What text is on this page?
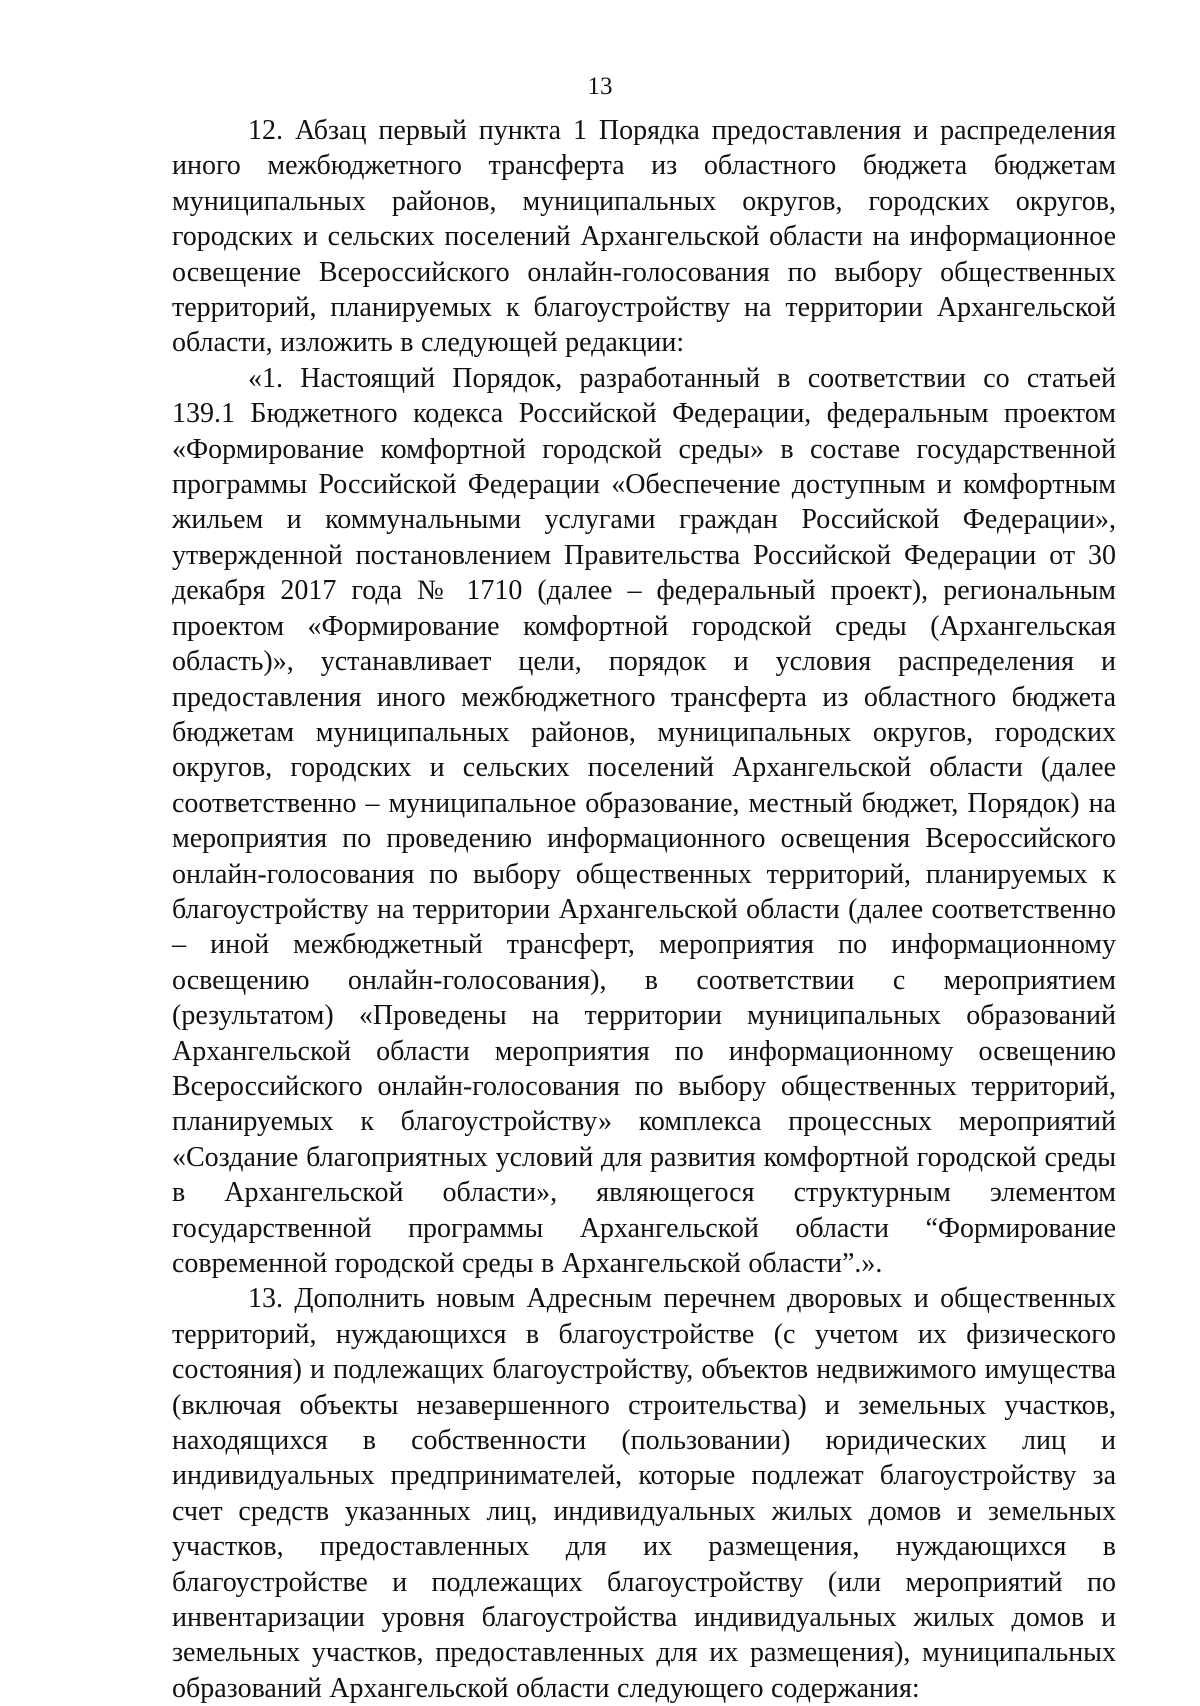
13

12. Абзац первый пункта 1 Порядка предоставления и распределения иного межбюджетного трансферта из областного бюджета бюджетам муниципальных районов, муниципальных округов, городских округов, городских и сельских поселений Архангельской области на информационное освещение Всероссийского онлайн-голосования по выбору общественных территорий, планируемых к благоустройству на территории Архангельской области, изложить в следующей редакции:

«1. Настоящий Порядок, разработанный в соответствии со статьей 139.1 Бюджетного кодекса Российской Федерации, федеральным проектом «Формирование комфортной городской среды» в составе государственной программы Российской Федерации «Обеспечение доступным и комфортным жильем и коммунальными услугами граждан Российской Федерации», утвержденной постановлением Правительства Российской Федерации от 30 декабря 2017 года № 1710 (далее – федеральный проект), региональным проектом «Формирование комфортной городской среды (Архангельская область)», устанавливает цели, порядок и условия распределения и предоставления иного межбюджетного трансферта из областного бюджета бюджетам муниципальных районов, муниципальных округов, городских округов, городских и сельских поселений Архангельской области (далее соответственно – муниципальное образование, местный бюджет, Порядок) на мероприятия по проведению информационного освещения Всероссийского онлайн-голосования по выбору общественных территорий, планируемых к благоустройству на территории Архангельской области (далее соответственно – иной межбюджетный трансферт, мероприятия по информационному освещению онлайн-голосования), в соответствии с мероприятием (результатом) «Проведены на территории муниципальных образований Архангельской области мероприятия по информационному освещению Всероссийского онлайн-голосования по выбору общественных территорий, планируемых к благоустройству» комплекса процессных мероприятий «Создание благоприятных условий для развития комфортной городской среды в Архангельской области», являющегося структурным элементом государственной программы Архангельской области “Формирование современной городской среды в Архангельской области”.».

13. Дополнить новым Адресным перечнем дворовых и общественных территорий, нуждающихся в благоустройстве (с учетом их физического состояния) и подлежащих благоустройству, объектов недвижимого имущества (включая объекты незавершенного строительства) и земельных участков, находящихся в собственности (пользовании) юридических лиц и индивидуальных предпринимателей, которые подлежат благоустройству за счет средств указанных лиц, индивидуальных жилых домов и земельных участков, предоставленных для их размещения, нуждающихся в благоустройстве и подлежащих благоустройству (или мероприятий по инвентаризации уровня благоустройства индивидуальных жилых домов и земельных участков, предоставленных для их размещения), муниципальных образований Архангельской области следующего содержания:
